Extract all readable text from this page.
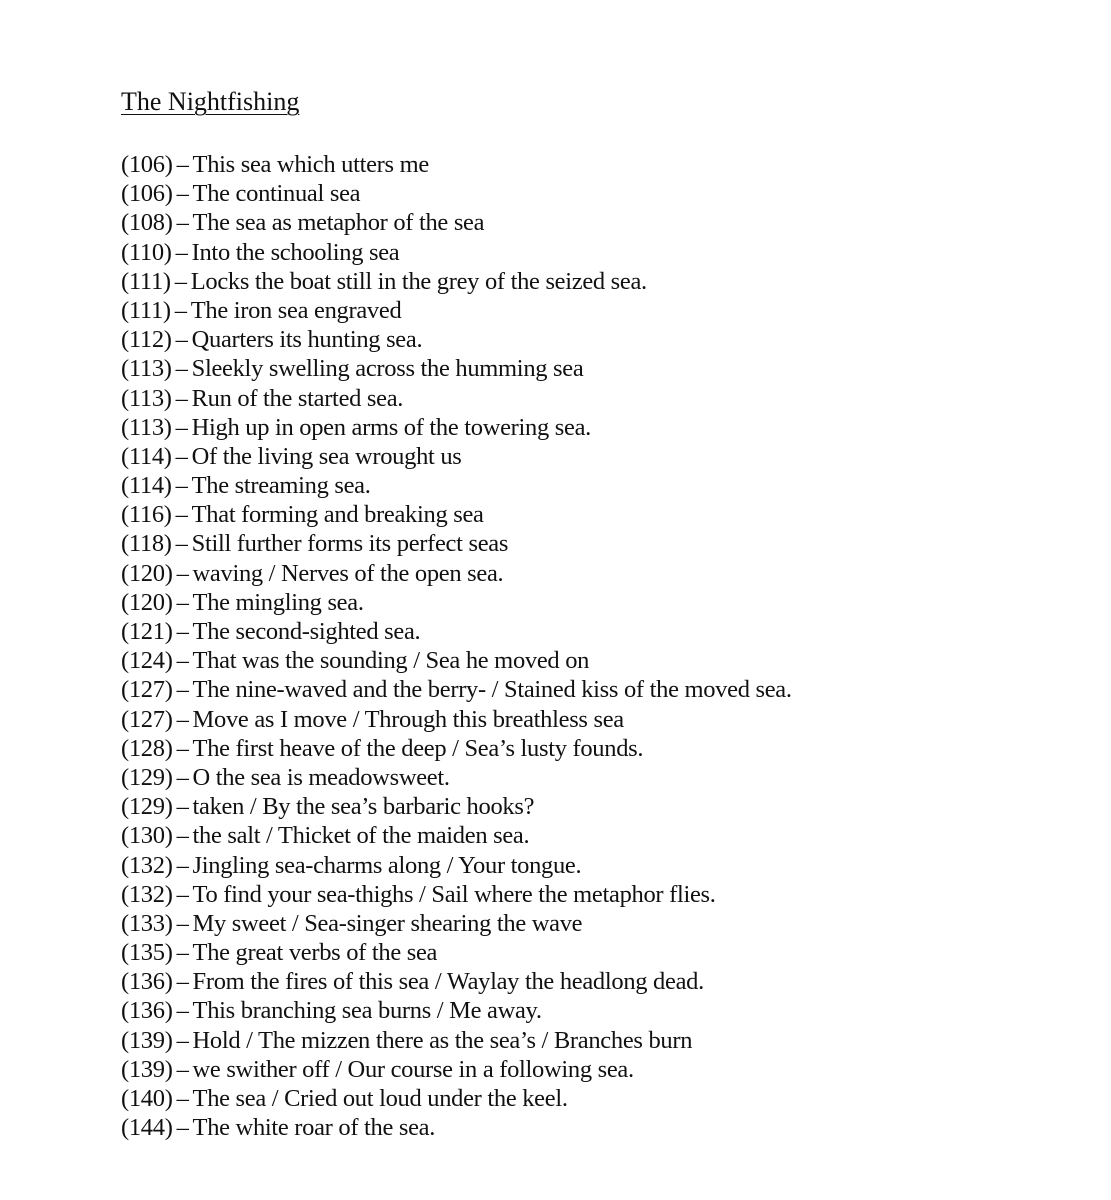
The Nightfishing
(106) – This sea which utters me
(106) – The continual sea
(108) – The sea as metaphor of the sea
(110) – Into the schooling sea
(111) – Locks the boat still in the grey of the seized sea.
(111) – The iron sea engraved
(112) – Quarters its hunting sea.
(113) – Sleekly swelling across the humming sea
(113) – Run of the started sea.
(113) – High up in open arms of the towering sea.
(114) – Of the living sea wrought us
(114) – The streaming sea.
(116) – That forming and breaking sea
(118) – Still further forms its perfect seas
(120) – waving / Nerves of the open sea.
(120) – The mingling sea.
(121) – The second-sighted sea.
(124) – That was the sounding / Sea he moved on
(127) – The nine-waved and the berry- / Stained kiss of the moved sea.
(127) – Move as I move / Through this breathless sea
(128) – The first heave of the deep / Sea’s lusty founds.
(129) – O the sea is meadowsweet.
(129) – taken / By the sea’s barbaric hooks?
(130) – the salt / Thicket of the maiden sea.
(132) – Jingling sea-charms along / Your tongue.
(132) – To find your sea-thighs / Sail where the metaphor flies.
(133) – My sweet / Sea-singer shearing the wave
(135) – The great verbs of the sea
(136) – From the fires of this sea / Waylay the headlong dead.
(136) – This branching sea burns / Me away.
(139) – Hold / The mizzen there as the sea’s / Branches burn
(139) – we swither off / Our course in a following sea.
(140) – The sea / Cried out loud under the keel.
(144) – The white roar of the sea.
